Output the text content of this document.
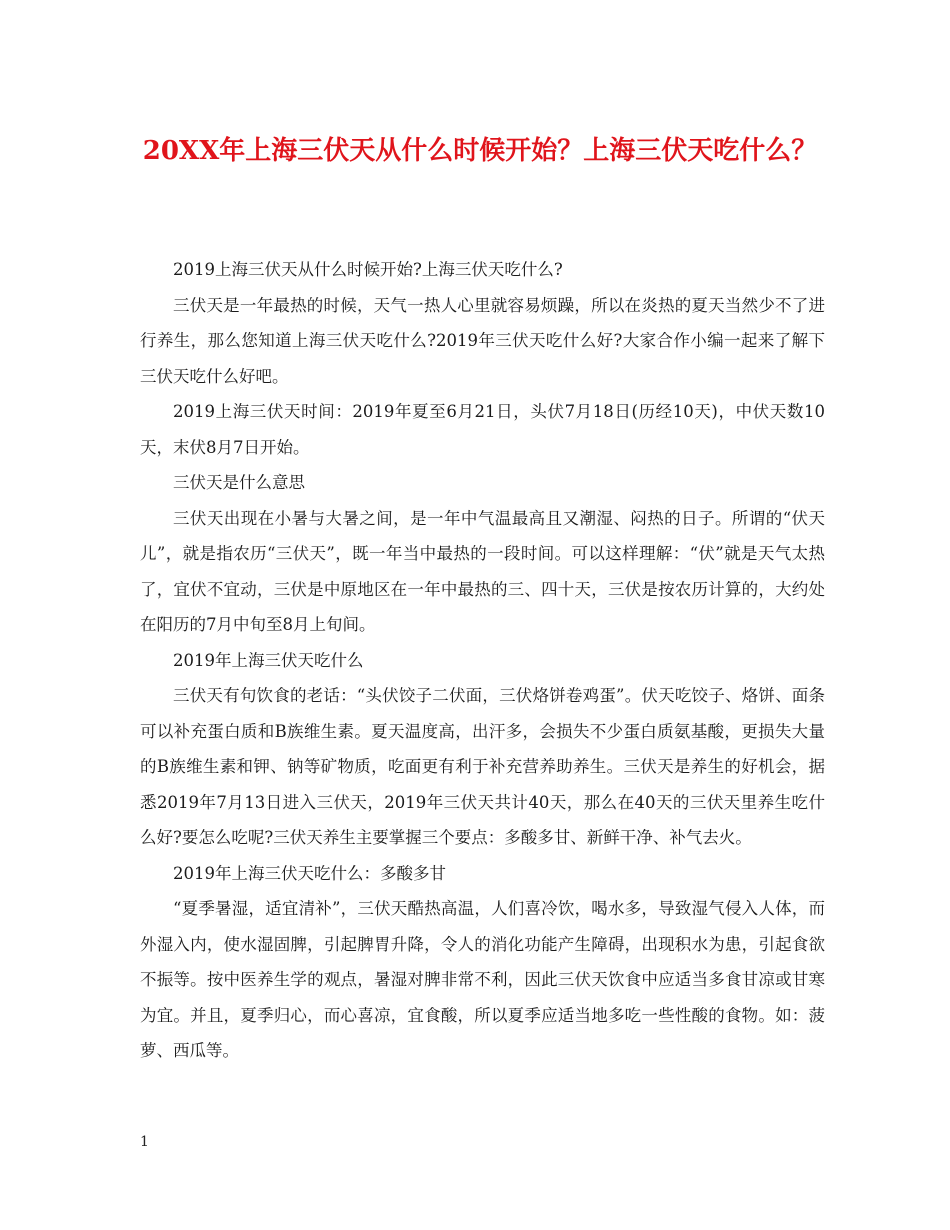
20XX年上海三伏天从什么时候开始？上海三伏天吃什么？

2019上海三伏天从什么时候开始?上海三伏天吃什么?

三伏天是一年最热的时候，天气一热人心里就容易烦躁，所以在炎热的夏天当然少不了进行养生，那么您知道上海三伏天吃什么?2019年三伏天吃什么好?大家合作小编一起来了解下三伏天吃什么好吧。

2019上海三伏天时间：2019年夏至6月21日，头伏7月18日(历经10天)，中伏天数10天，末伏8月7日开始。

三伏天是什么意思

三伏天出现在小暑与大暑之间，是一年中气温最高且又潮湿、闷热的日子。所谓的“伏天儿”，就是指农历“三伏天”，既一年当中最热的一段时间。可以这样理解：“伏”就是天气太热了，宜伏不宜动，三伏是中原地区在一年中最热的三、四十天，三伏是按农历计算的，大约处在阳历的7月中旬至8月上旬间。

2019年上海三伏天吃什么

三伏天有句饮食的老话：“头伏饺子二伏面，三伏烙饼卷鸡蛋”。伏天吃饺子、烙饼、面条可以补充蛋白质和B族维生素。夏天温度高，出汗多，会损失不少蛋白质氨基酸，更损失大量的B族维生素和钾、钠等矿物质，吃面更有利于补充营养助养生。三伏天是养生的好机会，据悉2019年7月13日进入三伏天，2019年三伏天共计40天，那么在40天的三伏天里养生吃什么好?要怎么吃呢?三伏天养生主要掌握三个要点：多酸多甘、新鲜干净、补气去火。

2019年上海三伏天吃什么：多酸多甘

“夏季暑湿，适宜清补”，三伏天酷热高温，人们喜冷饮，喝水多，导致湿气侵入人体，而外湿入内，使水湿固脾，引起脾胃升降，令人的消化功能产生障碍，出现积水为患，引起食欲不振等。按中医养生学的观点，暑湿对脾非常不利，因此三伏天饮食中应适当多食甘凉或甘寒为宜。并且，夏季归心，而心喜凉，宜食酸，所以夏季应适当地多吃一些性酸的食物。如：菠萝、西瓜等。

1
